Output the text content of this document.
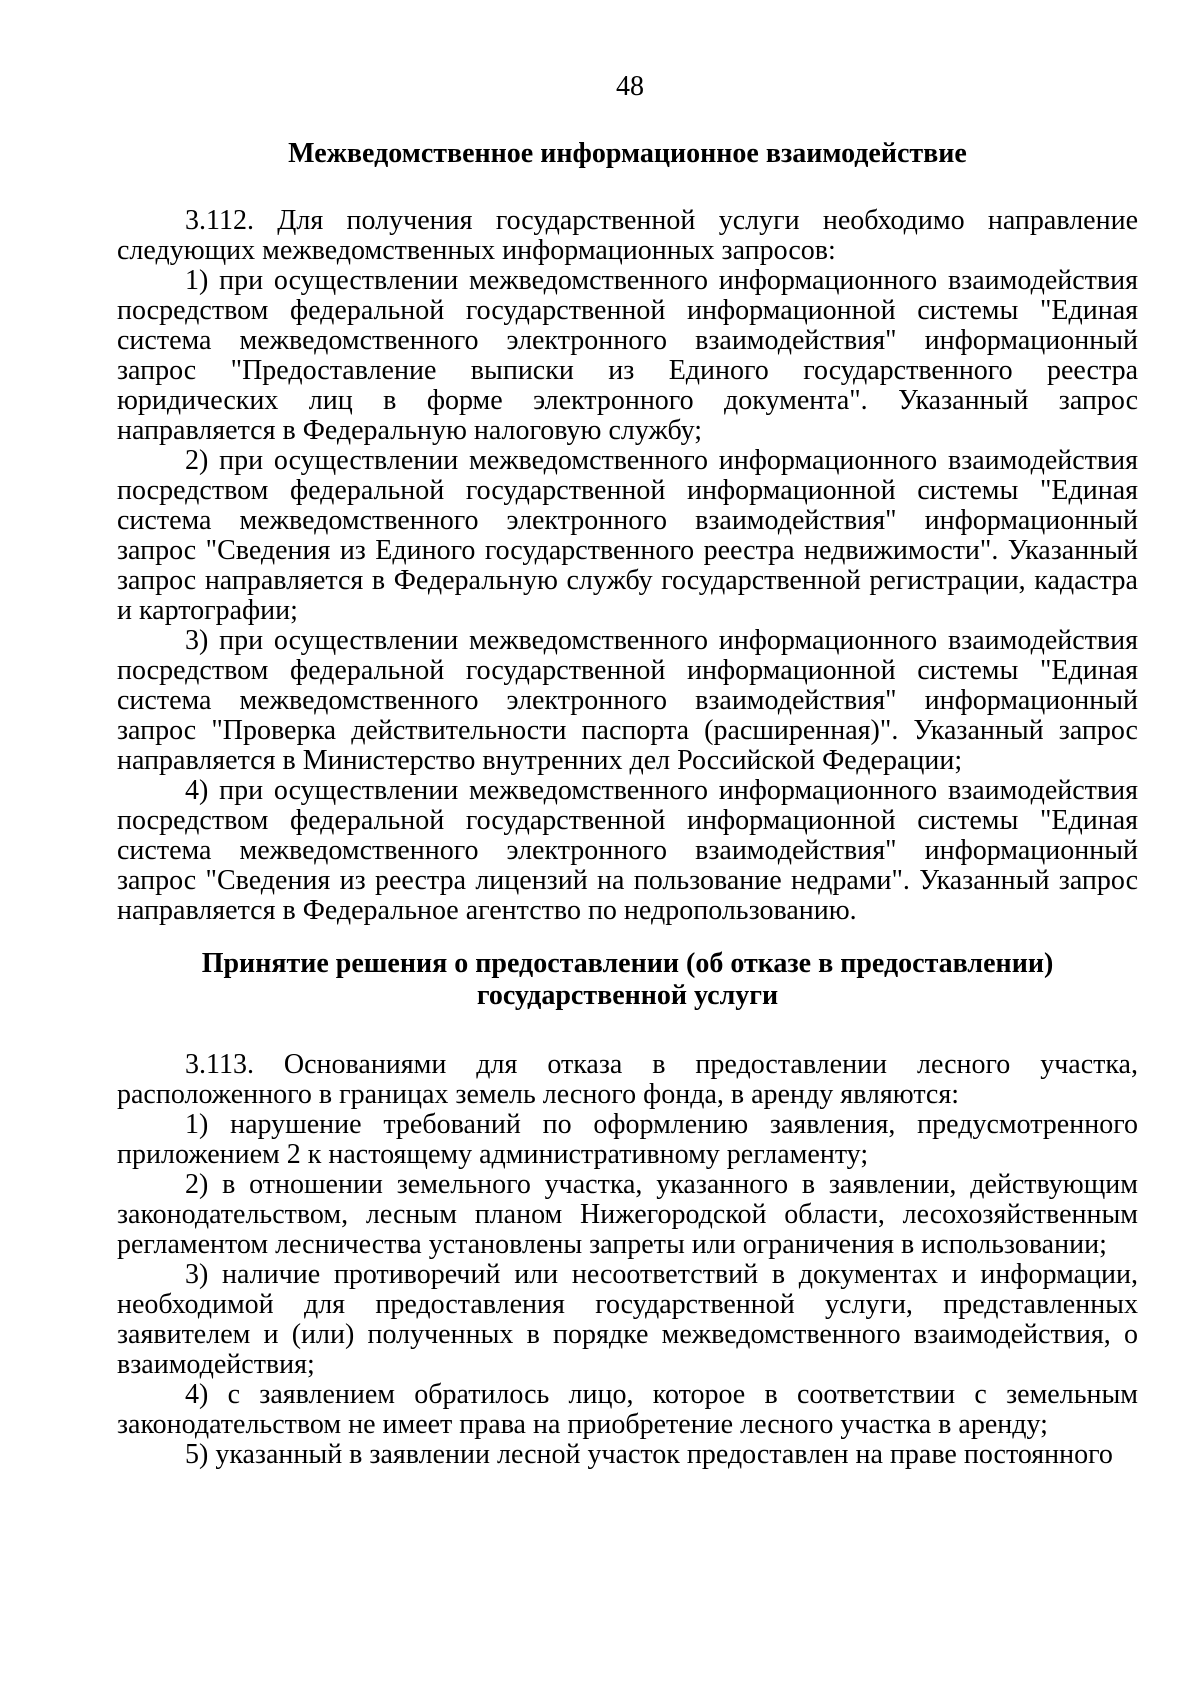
48

Межведомственное информационное взаимодействие

3.112. Для получения государственной услуги необходимо направление следующих межведомственных информационных запросов:

1) при осуществлении межведомственного информационного взаимодействия посредством федеральной государственной информационной системы "Единая система межведомственного электронного взаимодействия" информационный запрос "Предоставление выписки из Единого государственного реестра юридических лиц в форме электронного документа". Указанный запрос направляется в Федеральную налоговую службу;

2) при осуществлении межведомственного информационного взаимодействия посредством федеральной государственной информационной системы "Единая система межведомственного электронного взаимодействия" информационный запрос "Сведения из Единого государственного реестра недвижимости". Указанный запрос направляется в Федеральную службу государственной регистрации, кадастра и картографии;

3) при осуществлении межведомственного информационного взаимодействия посредством федеральной государственной информационной системы "Единая система межведомственного электронного взаимодействия" информационный запрос "Проверка действительности паспорта (расширенная)". Указанный запрос направляется в Министерство внутренних дел Российской Федерации;

4) при осуществлении межведомственного информационного взаимодействия посредством федеральной государственной информационной системы "Единая система межведомственного электронного взаимодействия" информационный запрос "Сведения из реестра лицензий на пользование недрами". Указанный запрос направляется в Федеральное агентство по недропользованию.

Принятие решения о предоставлении (об отказе в предоставлении)
государственной услуги

3.113. Основаниями для отказа в предоставлении лесного участка, расположенного в границах земель лесного фонда, в аренду являются:

1) нарушение требований по оформлению заявления, предусмотренного приложением 2 к настоящему административному регламенту;

2) в отношении земельного участка, указанного в заявлении, действующим законодательством, лесным планом Нижегородской области, лесохозяйственным регламентом лесничества установлены запреты или ограничения в использовании;

3) наличие противоречий или несоответствий в документах и информации, необходимой для предоставления государственной услуги, представленных заявителем и (или) полученных в порядке межведомственного взаимодействия, о взаимодействия;

4) с заявлением обратилось лицо, которое в соответствии с земельным законодательством не имеет права на приобретение лесного участка в аренду;

5) указанный в заявлении лесной участок предоставлен на праве постоянного
